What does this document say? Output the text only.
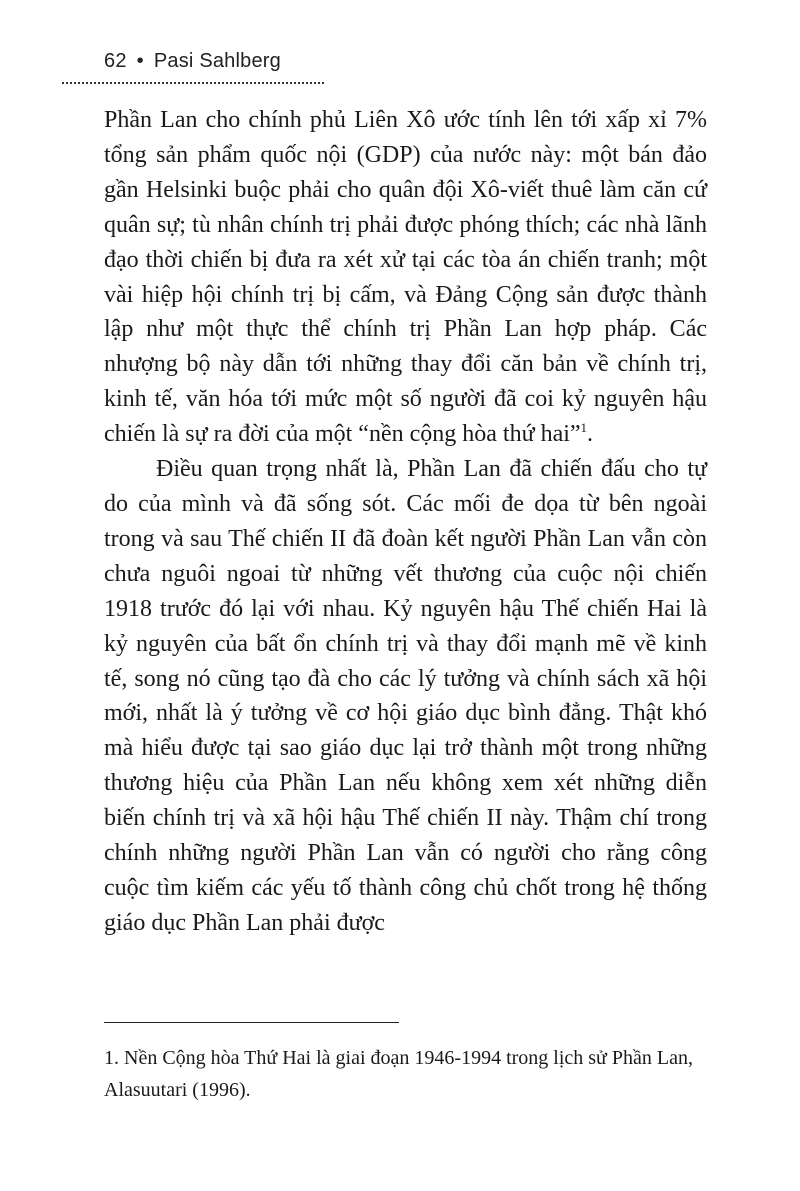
62 • Pasi Sahlberg

Phần Lan cho chính phủ Liên Xô ước tính lên tới xấp xỉ 7% tổng sản phẩm quốc nội (GDP) của nước này: một bán đảo gần Helsinki buộc phải cho quân đội Xô-viết thuê làm căn cứ quân sự; tù nhân chính trị phải được phóng thích; các nhà lãnh đạo thời chiến bị đưa ra xét xử tại các tòa án chiến tranh; một vài hiệp hội chính trị bị cấm, và Đảng Cộng sản được thành lập như một thực thể chính trị Phần Lan hợp pháp. Các nhượng bộ này dẫn tới những thay đổi căn bản về chính trị, kinh tế, văn hóa tới mức một số người đã coi kỷ nguyên hậu chiến là sự ra đời của một “nền cộng hòa thứ hai”$^1$.

Điều quan trọng nhất là, Phần Lan đã chiến đấu cho tự do của mình và đã sống sót. Các mối đe dọa từ bên ngoài trong và sau Thế chiến II đã đoàn kết người Phần Lan vẫn còn chưa nguôi ngoai từ những vết thương của cuộc nội chiến 1918 trước đó lại với nhau. Kỷ nguyên hậu Thế chiến Hai là kỷ nguyên của bất ổn chính trị và thay đổi mạnh mẽ về kinh tế, song nó cũng tạo đà cho các lý tưởng và chính sách xã hội mới, nhất là ý tưởng về cơ hội giáo dục bình đẳng. Thật khó mà hiểu được tại sao giáo dục lại trở thành một trong những thương hiệu của Phần Lan nếu không xem xét những diễn biến chính trị và xã hội hậu Thế chiến II này. Thậm chí trong chính những người Phần Lan vẫn có người cho rằng công cuộc tìm kiếm các yếu tố thành công chủ chốt trong hệ thống giáo dục Phần Lan phải được

1. Nền Cộng hòa Thứ Hai là giai đoạn 1946-1994 trong lịch sử Phần Lan, Alasuutari (1996).
